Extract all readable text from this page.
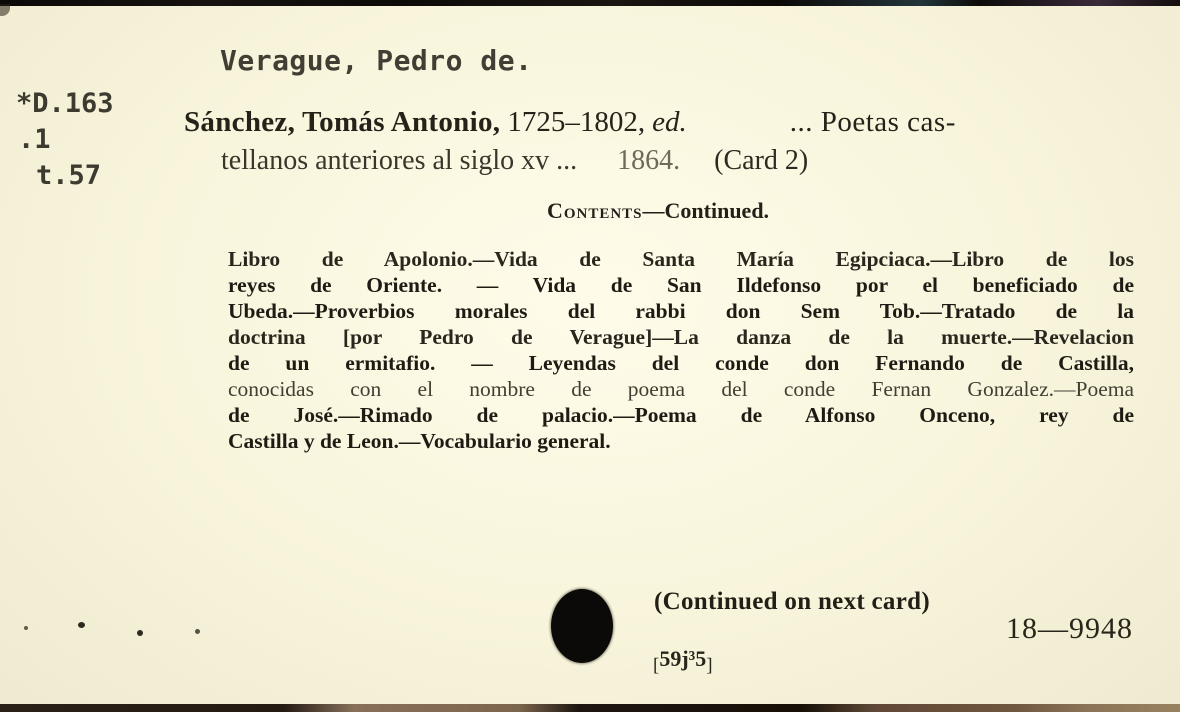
*D.163
.1
t.57
Verague, Pedro de.
Sánchez, Tomás Antonio, 1725–1802, ed.	... Poetas cas-
tellanos anteriores al siglo xv ... 1864. (Card 2)
Contents—Continued.
Libro de Apolonio.—Vida de Santa María Egipciaca.—Libro de los
reyes de Oriente. — Vida de San Ildefonso por el beneficiado de
Ubeda.—Proverbios morales del rabbi don Sem Tob.—Tratado de la
doctrina [por Pedro de Verague]—La danza de la muerte.—Revelacion
de un ermitafio. — Leyendas del conde don Fernando de Castilla,
conocidas con el nombre de poema del conde Fernan Gonzalez.—Poema
de José.—Rimado de palacio.—Poema de Alfonso Onceno, rey de
Castilla y de Leon.—Vocabulario general.
(Continued on next card)
18—9948
[59j³5]
